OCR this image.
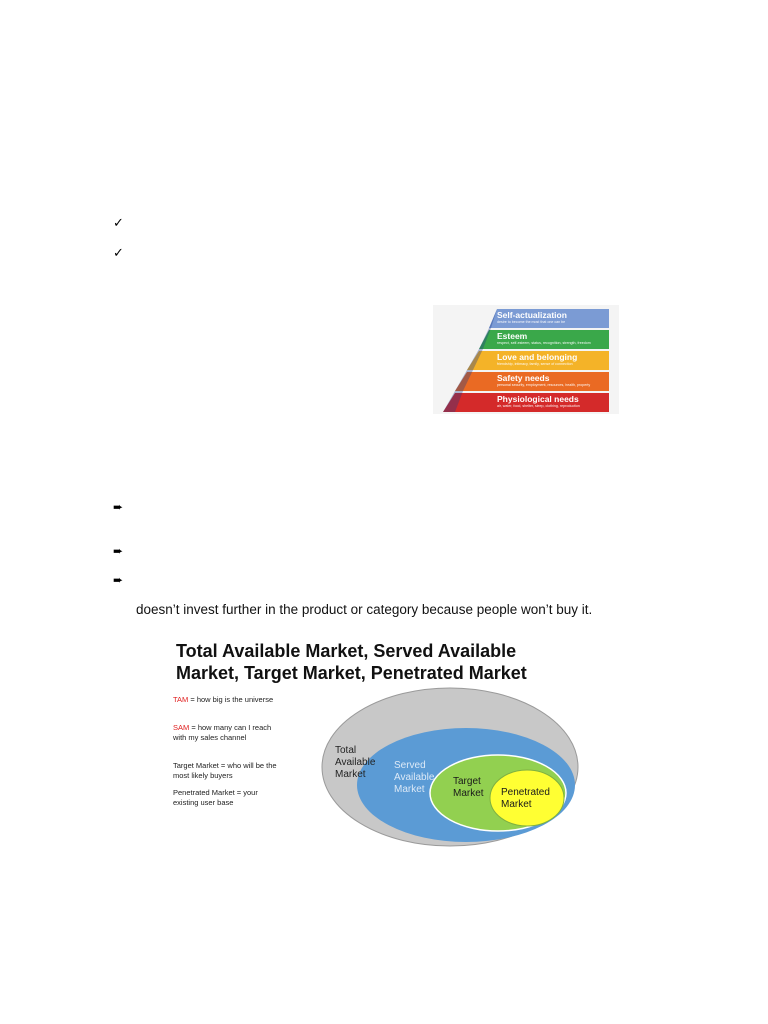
✓
✓
Self-actualization
desire to become the most that one can be
Esteem
respect, self-esteem, status, recognition, strength, freedom
Love and belonging
friendship, intimacy, family, sense of connection
Safety needs
personal security, employment, resources, health, property
Physiological needs
air, water, food, shelter, sleep, clothing, reproduction
➨
➨
➨
doesn’t invest further in the product or category because people won’t buy it.
Total Available Market, Served Available
Market, Target Market, Penetrated Market
TAM = how big is the universe
SAM = how many can I reach with my sales channel
Target Market = who will be the most likely buyers
Penetrated Market = your existing user base
Total
Available
Market
Served
Available
Market
Target
Market Penetrated
Market
